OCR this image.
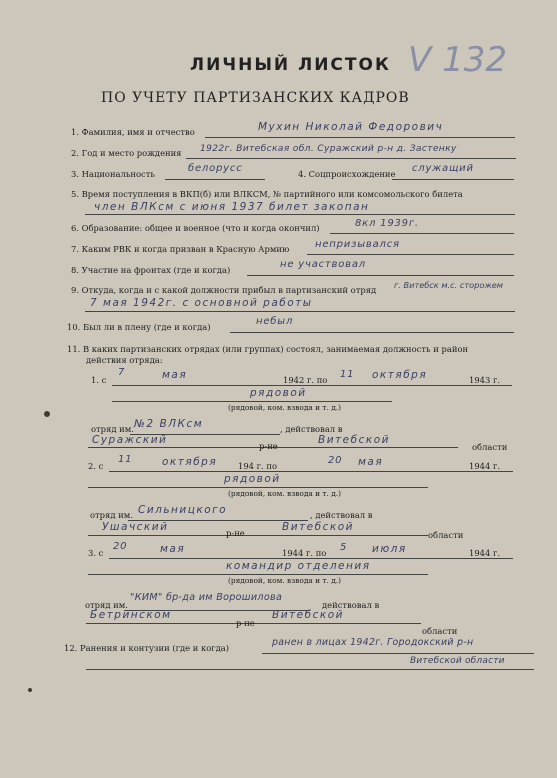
ЛИЧНЫЙ ЛИСТОК
ПО УЧЕТУ ПАРТИЗАНСКИХ КАДРОВ
V 132
1. Фамилия, имя и отчество	Мухин Николай Федорович
2. Год и место рождения 1922г. Витебская обл. Суражский р-н д. Застенку
3. Национальность	белорусс	4. Соцпроисхождение служащий
5. Время поступления в ВКП(б) или ВЛКСМ, № партийного или комсомольского билета
член ВЛКсм с июня 1937 билет закопан
6. Образование: общее и военное (что и когда окончил)	8кл 1939г.
7. Каким РВК и когда призван в Красную Армию	непризывался
8. Участие на фронтах (где и когда)	не участвовал
9. Откуда, когда и с какой должности прибыл в партизанский отряд г. Витебск м.с. сторожем
7 мая 1942г. с основной работы
10. Был ли в плену (где и когда)	небыл
11. В каких партизанских отрядах (или группах) состоял, занимаемая должность и район
действия отряда:
1. с
7	мая	1942 г. по 11 октября	1943 г.
рядовой
(рядовой, ком. взвода и т. д.)
отряд им. №2 ВЛКсм	, действовал в
Суражский	р-не	Витебской
области
2. с
11	октября 194 г. по	20 мая	1944 г.
рядовой
(рядовой, ком. взвода и т. д.)
отряд им. Сильницкого	, действовал в
Ушачский	р-не	Витебской
области
3. с
20	мая	1944 г. по 5 июля	1944 г.
командир отделения
(рядовой, ком. взвода и т. д.)
отряд им.
"КИМ" бр-да им Ворошилова
действовал в
Бетринском
р-не
Витебской
области
12. Ранения и контузии (где и когда)	ранен в лицах 1942г. Городокский р-н
Витебской области
